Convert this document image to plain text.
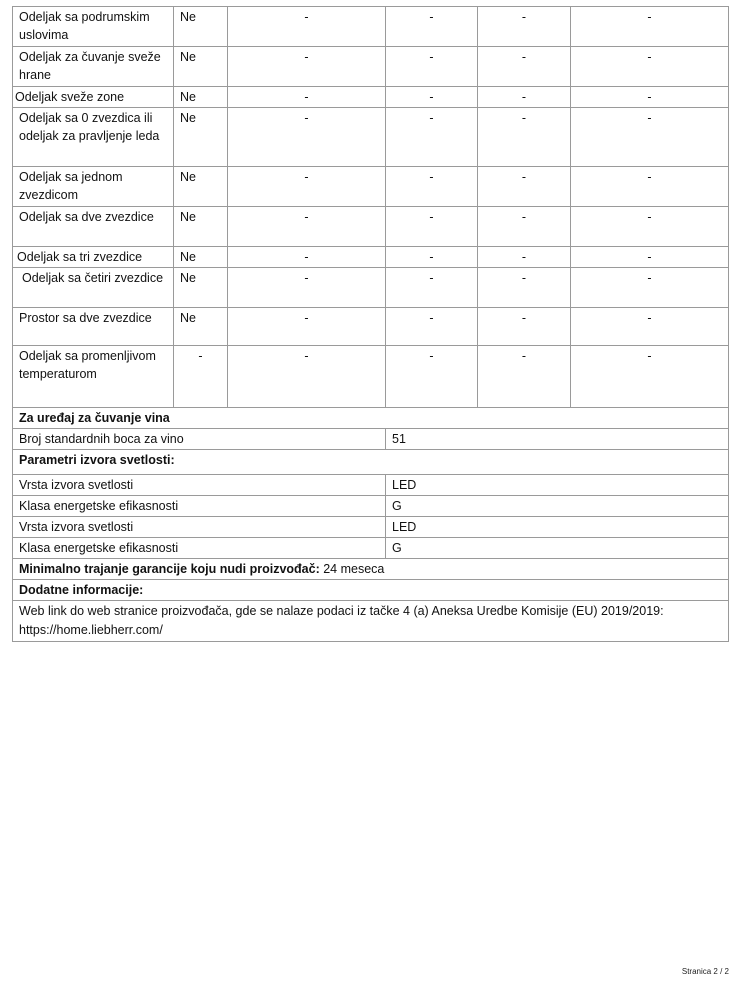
Odeljak sa podrumskim uslovima	Ne	-	-	-	-
Odeljak za čuvanje sveže hrane	Ne	-	-	-	-
Odeljak sveže zone	Ne	-	-	-	-
Odeljak sa 0 zvezdica ili odeljak za pravljenje leda	Ne	-	-	-	-
Odeljak sa jednom zvezdicom	Ne	-	-	-	-
Odeljak sa dve zvezdice	Ne	-	-	-	-
Odeljak sa tri zvezdice	Ne	-	-	-	-
Odeljak sa četiri zvezdice	Ne	-	-	-	-
Prostor sa dve zvezdice	Ne	-	-	-	-
Odeljak sa promenljivom temperaturom	-	-	-	-	-
Za uređaj za čuvanje vina					
Broj standardnih boca za vino			51		
Parametri izvora svetlosti:					
Vrsta izvora svetlosti			LED		
Klasa energetske efikasnosti			G		
Vrsta izvora svetlosti			LED		
Klasa energetske efikasnosti			G		
Minimalno trajanje garancije koju nudi proizvođač: 24 meseca					
Dodatne informacije:					
Web link do web stranice proizvođača, gde se nalaze podaci iz tačke 4 (a) Aneksa Uredbe Komisije (EU) 2019/2019: https://home.liebherr.com/					
Stranica 2 / 2
